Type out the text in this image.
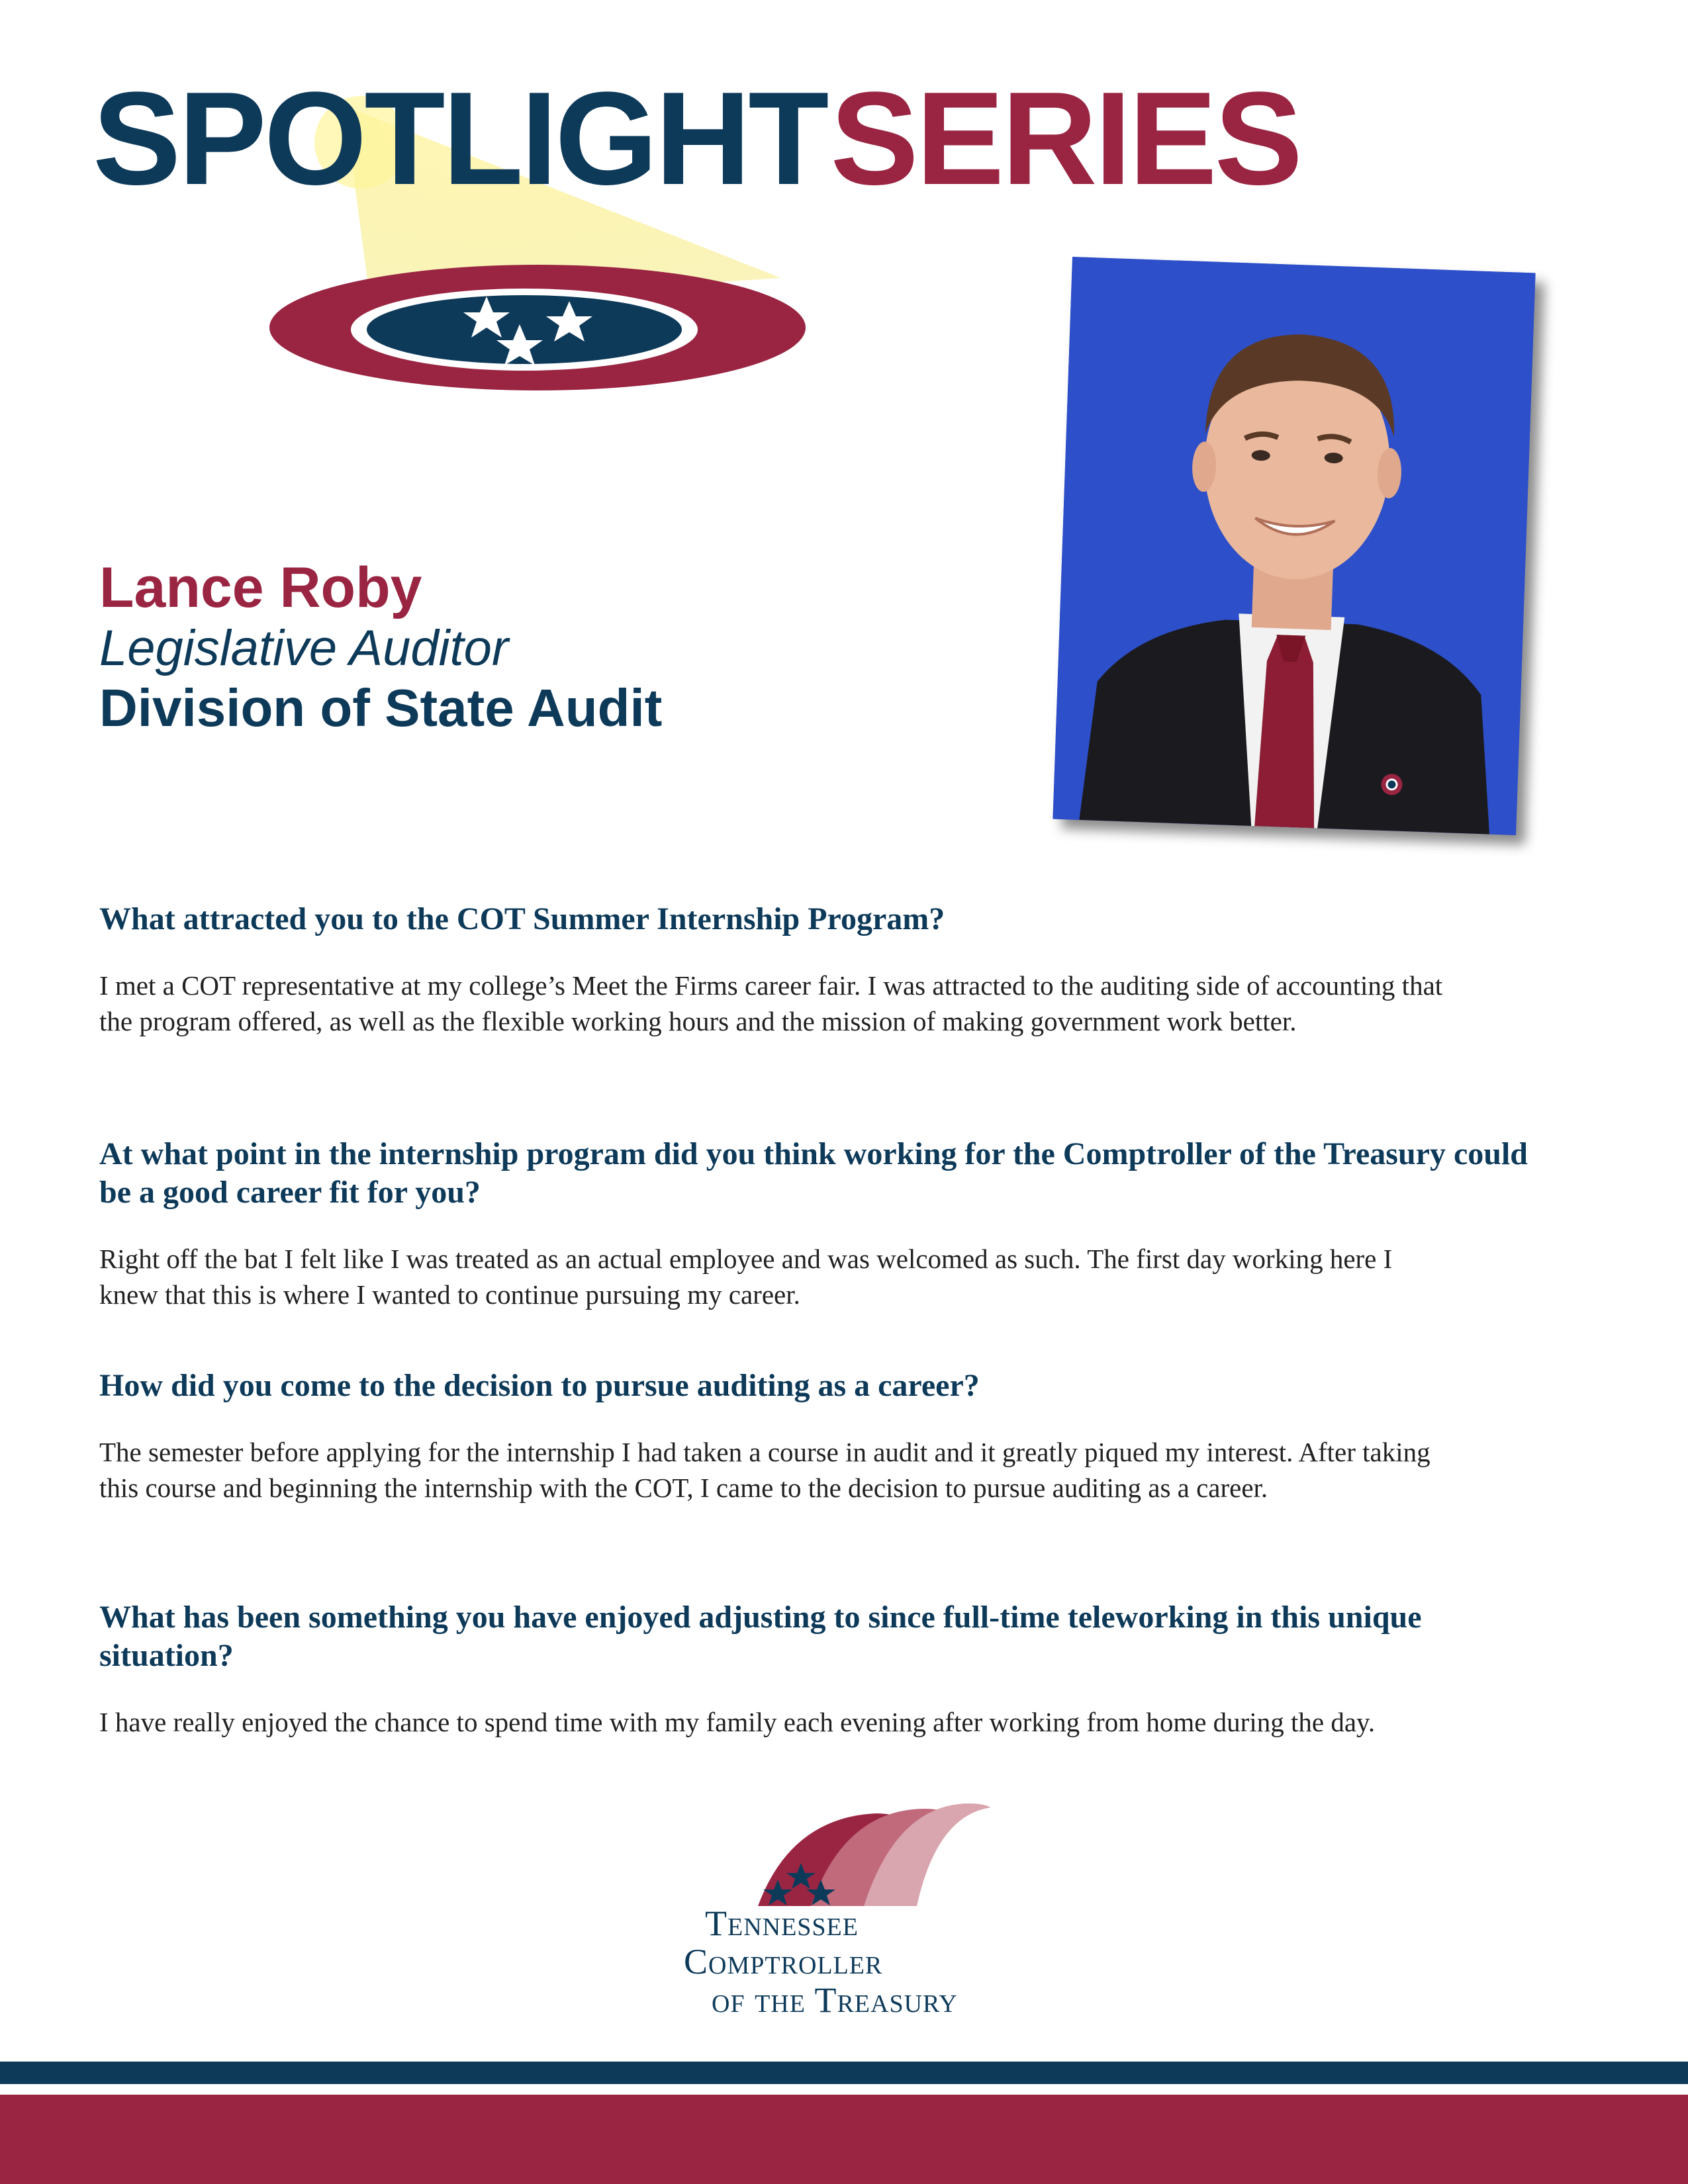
SPOTLIGHTSERIES
Lance Roby
Legislative Auditor
Division of State Audit

What attracted you to the COT Summer Internship Program?

I met a COT representative at my college’s Meet the Firms career fair. I was attracted to the auditing side of accounting that the program offered, as well as the flexible working hours and the mission of making government work better.

At what point in the internship program did you think working for the Comptroller of the Treasury could be a good career fit for you?

Right off the bat I felt like I was treated as an actual employee and was welcomed as such. The first day working here I knew that this is where I wanted to continue pursuing my career.

How did you come to the decision to pursue auditing as a career?

The semester before applying for the internship I had taken a course in audit and it greatly piqued my interest. After taking this course and beginning the internship with the COT, I came to the decision to pursue auditing as a career.

What has been something you have enjoyed adjusting to since full-time teleworking in this unique situation?

I have really enjoyed the chance to spend time with my family each evening after working from home during the day.

Tennessee
Comptroller
of the Treasury
